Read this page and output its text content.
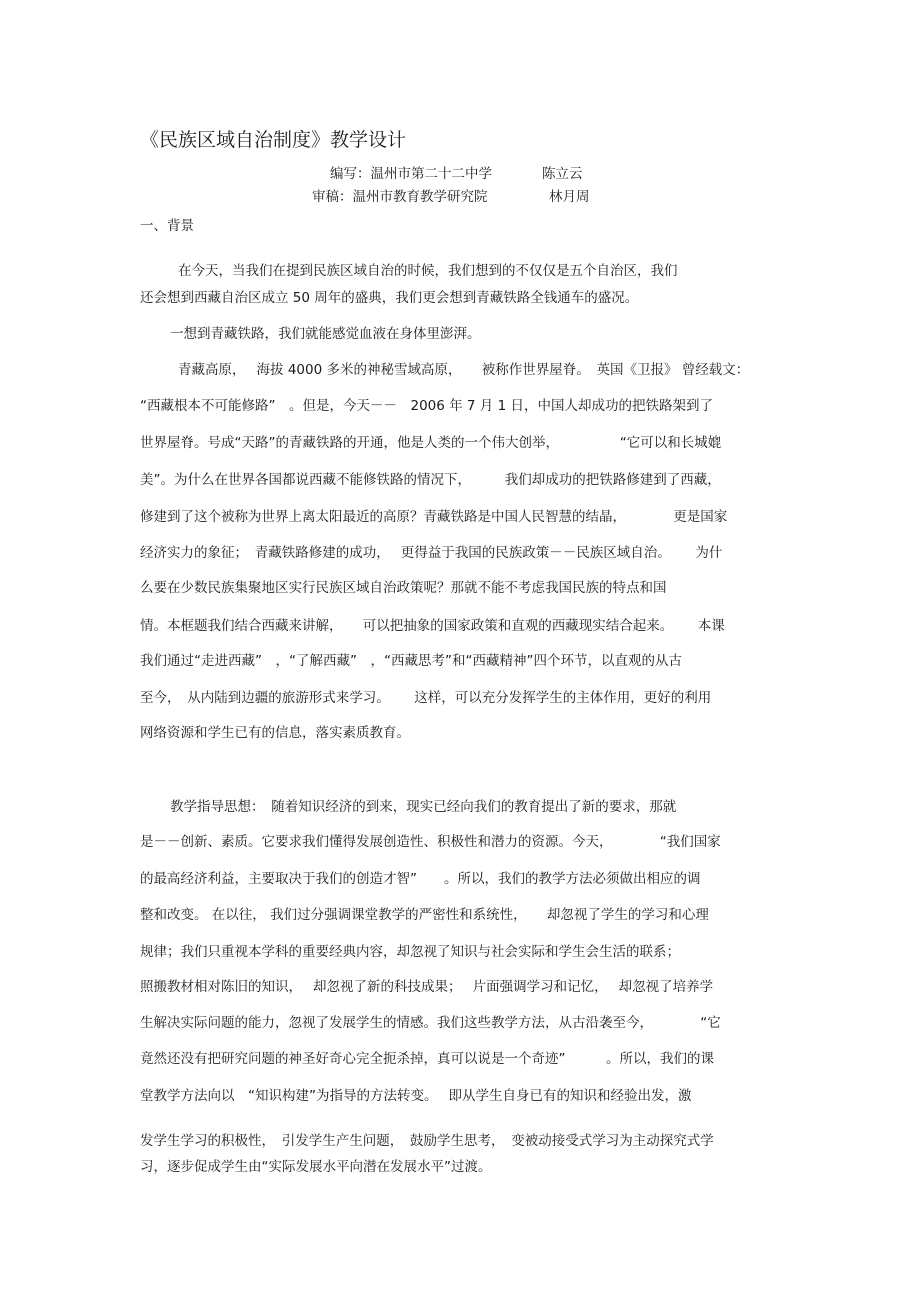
《民族区域自治制度》教学设计
编写：温州市第二十二中学	陈立云
审稿：温州市教育教学研究院	林月周
一、背景
在今天，当我们在提到民族区域自治的时候，我们想到的不仅仅是五个自治区，我们
还会想到西藏自治区成立 50 周年的盛典，我们更会想到青藏铁路全钱通车的盛况。
一想到青藏铁路，我们就能感觉血液在身体里澎湃。
青藏高原，　 海拔 4000 多米的神秘雪域高原，　　被称作世界屋脊。　英国《卫报》 曾经载文：
“西藏根本不可能修路”　。但是，今天－－　2006 年 7 月 1 日，中国人却成功的把铁路架到了
世界屋脊。号成“天路”的青藏铁路的开通，他是人类的一个伟大创举，　　　　　“它可以和长城媲
美”。为什么在世界各国都说西藏不能修铁路的情况下，　　　我们却成功的把铁路修建到了西藏，
修建到了这个被称为世界上离太阳最近的高原？青藏铁路是中国人民智慧的结晶，　　　　更是国家
经济实力的象征；　青藏铁路修建的成功，　 更得益于我国的民族政策－－民族区域自治。　　 为什
么要在少数民族集聚地区实行民族区域自治政策呢？那就不能不考虑我国民族的特点和国
情。本框题我们结合西藏来讲解，　　可以把抽象的国家政策和直观的西藏现实结合起来。　　 本课
我们通过“走进西藏”　，“了解西藏”　，“西藏思考”和“西藏精神”四个环节，以直观的从古
至今，　从内陆到边疆的旅游形式来学习。　　 这样，可以充分发挥学生的主体作用，更好的利用
网络资源和学生已有的信息，落实素质教育。
教学指导思想：　随着知识经济的到来，现实已经向我们的教育提出了新的要求，那就
是－－创新、素质。它要求我们懂得发展创造性、积极性和潜力的资源。今天，　　　　“我们国家
的最高经济利益，主要取决于我们的创造才智”　　。所以，我们的教学方法必须做出相应的调
整和改变。 在以往， 我们过分强调课堂教学的严密性和系统性，　　却忽视了学生的学习和心理
规律；我们只重视本学科的重要经典内容，却忽视了知识与社会实际和学生会生活的联系；
照搬教材相对陈旧的知识，　 却忽视了新的科技成果；　 片面强调学习和记忆，　 却忽视了培养学
生解决实际问题的能力，忽视了发展学生的情感。我们这些教学方法，从古沿袭至今，　　　　“它
竟然还没有把研究问题的神圣好奇心完全扼杀掉，真可以说是一个奇迹”　　　。所以，我们的课
堂教学方法向以　“知识构建”为指导的方法转变。　 即从学生自身已有的知识和经验出发，激
发学生学习的积极性，　引发学生产生问题，　鼓励学生思考，　变被动接受式学习为主动探究式学
习，逐步促成学生由“实际发展水平向潜在发展水平”过渡。
